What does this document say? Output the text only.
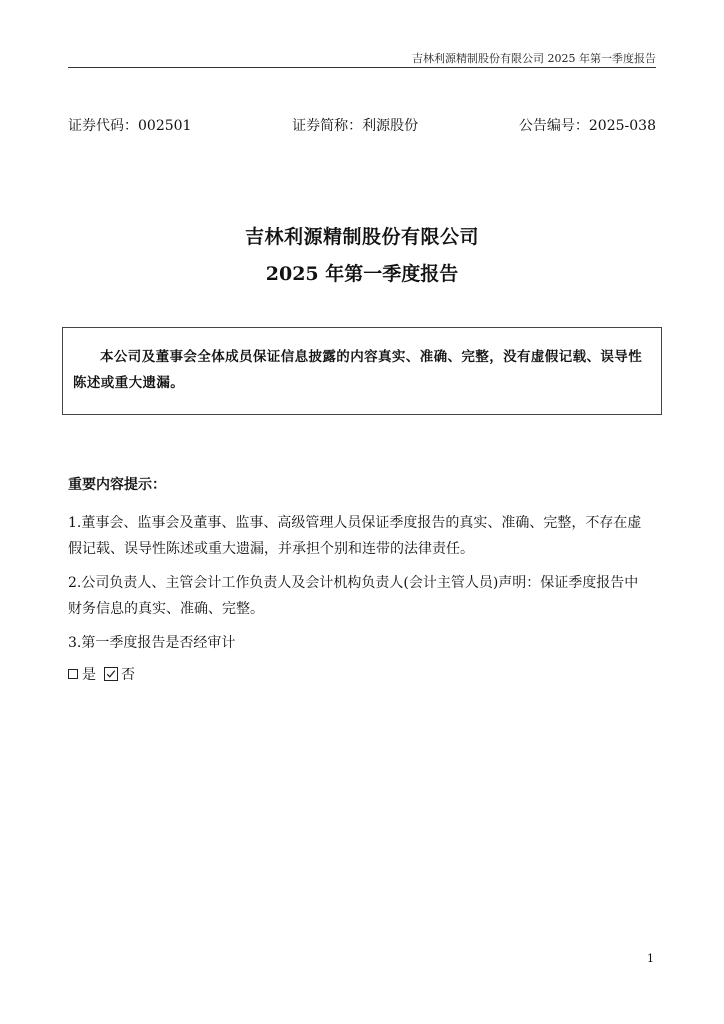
吉林利源精制股份有限公司 2025 年第一季度报告
证券代码：002501	证券简称：利源股份	公告编号：2025-038
吉林利源精制股份有限公司
2025 年第一季度报告

本公司及董事会全体成员保证信息披露的内容真实、准确、完整，没有虚假记载、误导性陈述或重大遗漏。

重要内容提示：

1.董事会、监事会及董事、监事、高级管理人员保证季度报告的真实、准确、完整，不存在虚假记载、误导性陈述或重大遗漏，并承担个别和连带的法律责任。

2.公司负责人、主管会计工作负责人及会计机构负责人(会计主管人员)声明：保证季度报告中财务信息的真实、准确、完整。

3.第一季度报告是否经审计

是 否
1
